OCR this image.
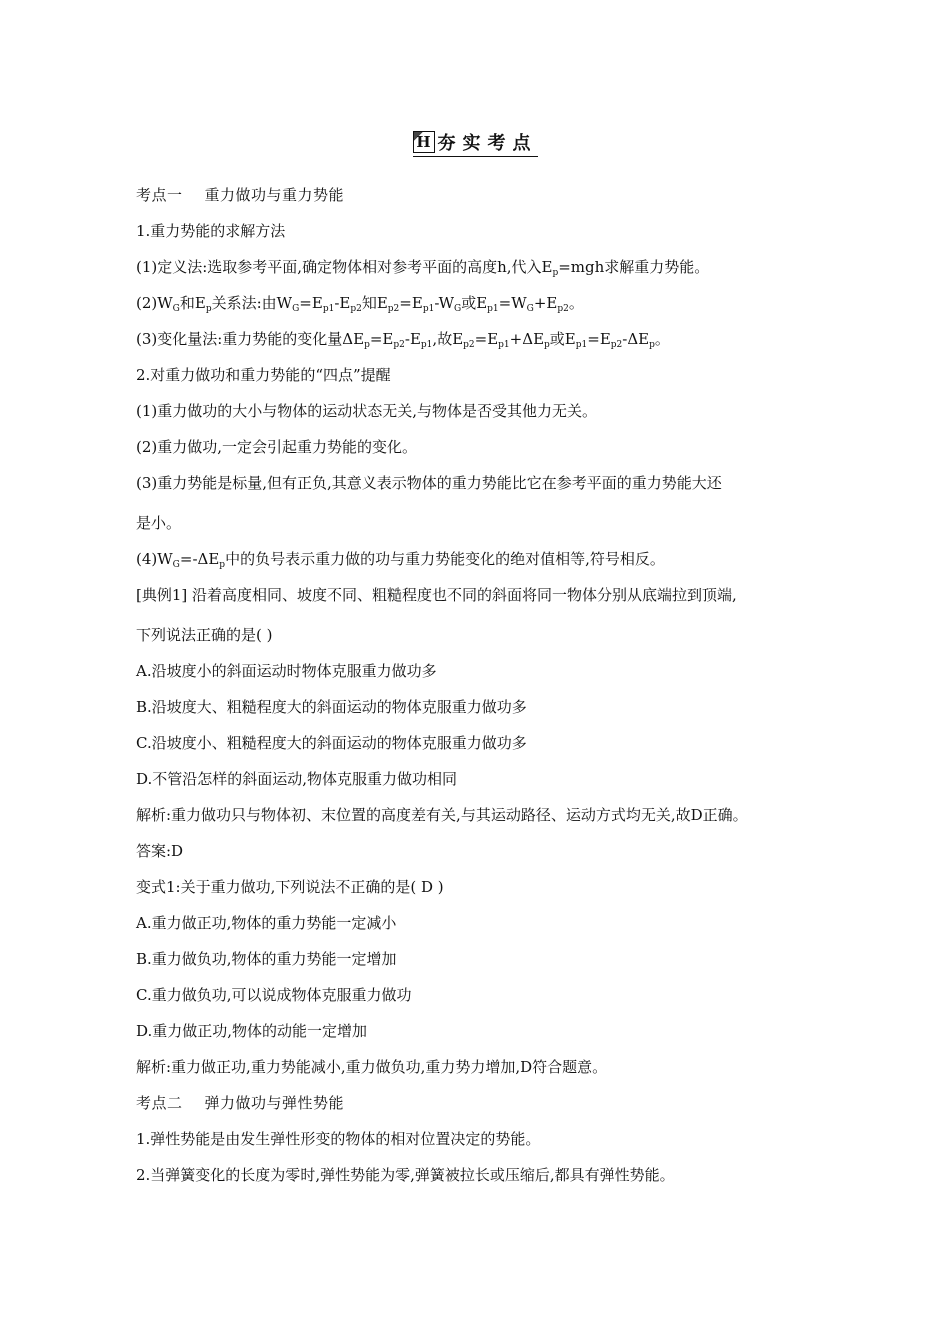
H 夯实考点
考点一 重力做功与重力势能
1.重力势能的求解方法
(1)定义法:选取参考平面,确定物体相对参考平面的高度h,代入$E_p=mgh$求解重力势能。
$(2)W_G$和$E_p$关系法:由$W_G=E_{p1}-E_{p2}$知$E_{p2}=E_{p1}-W_G$或$E_{p1}=W_G+E_{p2}$。
(3)变化量法:重力势能的变化量$\Delta E_p=E_{p2}-E_{p1}$,故$E_{p2}=E_{p1}+\Delta E_p$或$E_{p1}=E_{p2}-\Delta E_p$。
2.对重力做功和重力势能的“四点”提醒
(1)重力做功的大小与物体的运动状态无关,与物体是否受其他力无关。
(2)重力做功,一定会引起重力势能的变化。
(3)重力势能是标量,但有正负,其意义表示物体的重力势能比它在参考平面的重力势能大还
是小。
$(4)W_G=-\Delta E_p$中的负号表示重力做的功与重力势能变化的绝对值相等,符号相反。
[典例1] 沿着高度相同、坡度不同、粗糙程度也不同的斜面将同一物体分别从底端拉到顶端,
下列说法正确的是( )
A.沿坡度小的斜面运动时物体克服重力做功多
B.沿坡度大、粗糙程度大的斜面运动的物体克服重力做功多
C.沿坡度小、粗糙程度大的斜面运动的物体克服重力做功多
D.不管沿怎样的斜面运动,物体克服重力做功相同
解析:重力做功只与物体初、末位置的高度差有关,与其运动路径、运动方式均无关,故D正确。
答案:D
变式1:关于重力做功,下列说法不正确的是( D )
A.重力做正功,物体的重力势能一定减小
B.重力做负功,物体的重力势能一定增加
C.重力做负功,可以说成物体克服重力做功
D.重力做正功,物体的动能一定增加
解析:重力做正功,重力势能减小,重力做负功,重力势力增加,D符合题意。
考点二 弹力做功与弹性势能
1.弹性势能是由发生弹性形变的物体的相对位置决定的势能。
2.当弹簧变化的长度为零时,弹性势能为零,弹簧被拉长或压缩后,都具有弹性势能。
